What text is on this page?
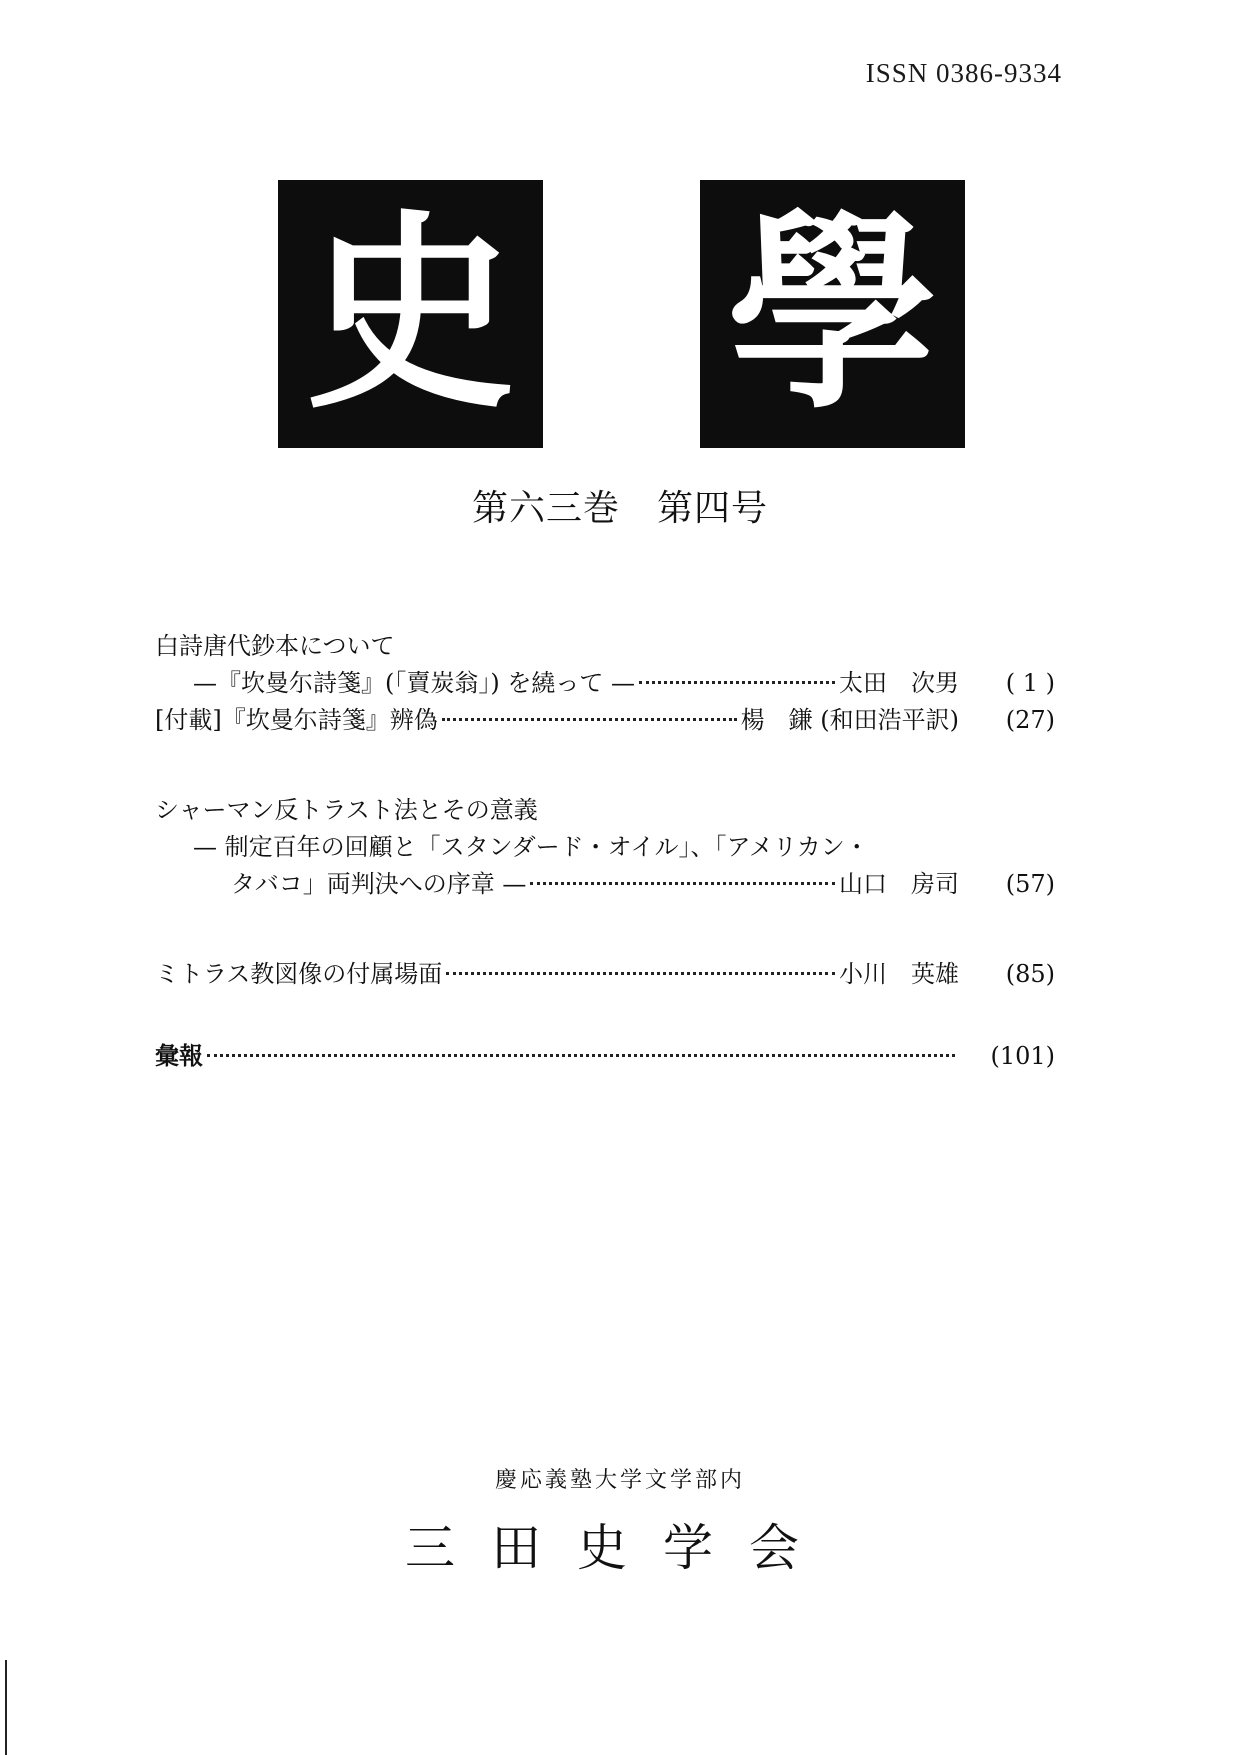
ISSN 0386-9334
史 學
第六三巻　第四号
白詩唐代鈔本について
—『坎曼尓詩箋』(「賣炭翁」) を繞って —	太田　次男	( 1 )
[付載]『坎曼尓詩箋』辨偽	楊　鎌 (和田浩平訳)	(27)
シャーマン反トラスト法とその意義
— 制定百年の回顧と「スタンダード・オイル」、「アメリカン・
タバコ」両判決への序章 —	山口　房司	(57)
ミトラス教図像の付属場面	小川　英雄	(85)
彙報	(101)
慶応義塾大学文学部内
三田史学会
